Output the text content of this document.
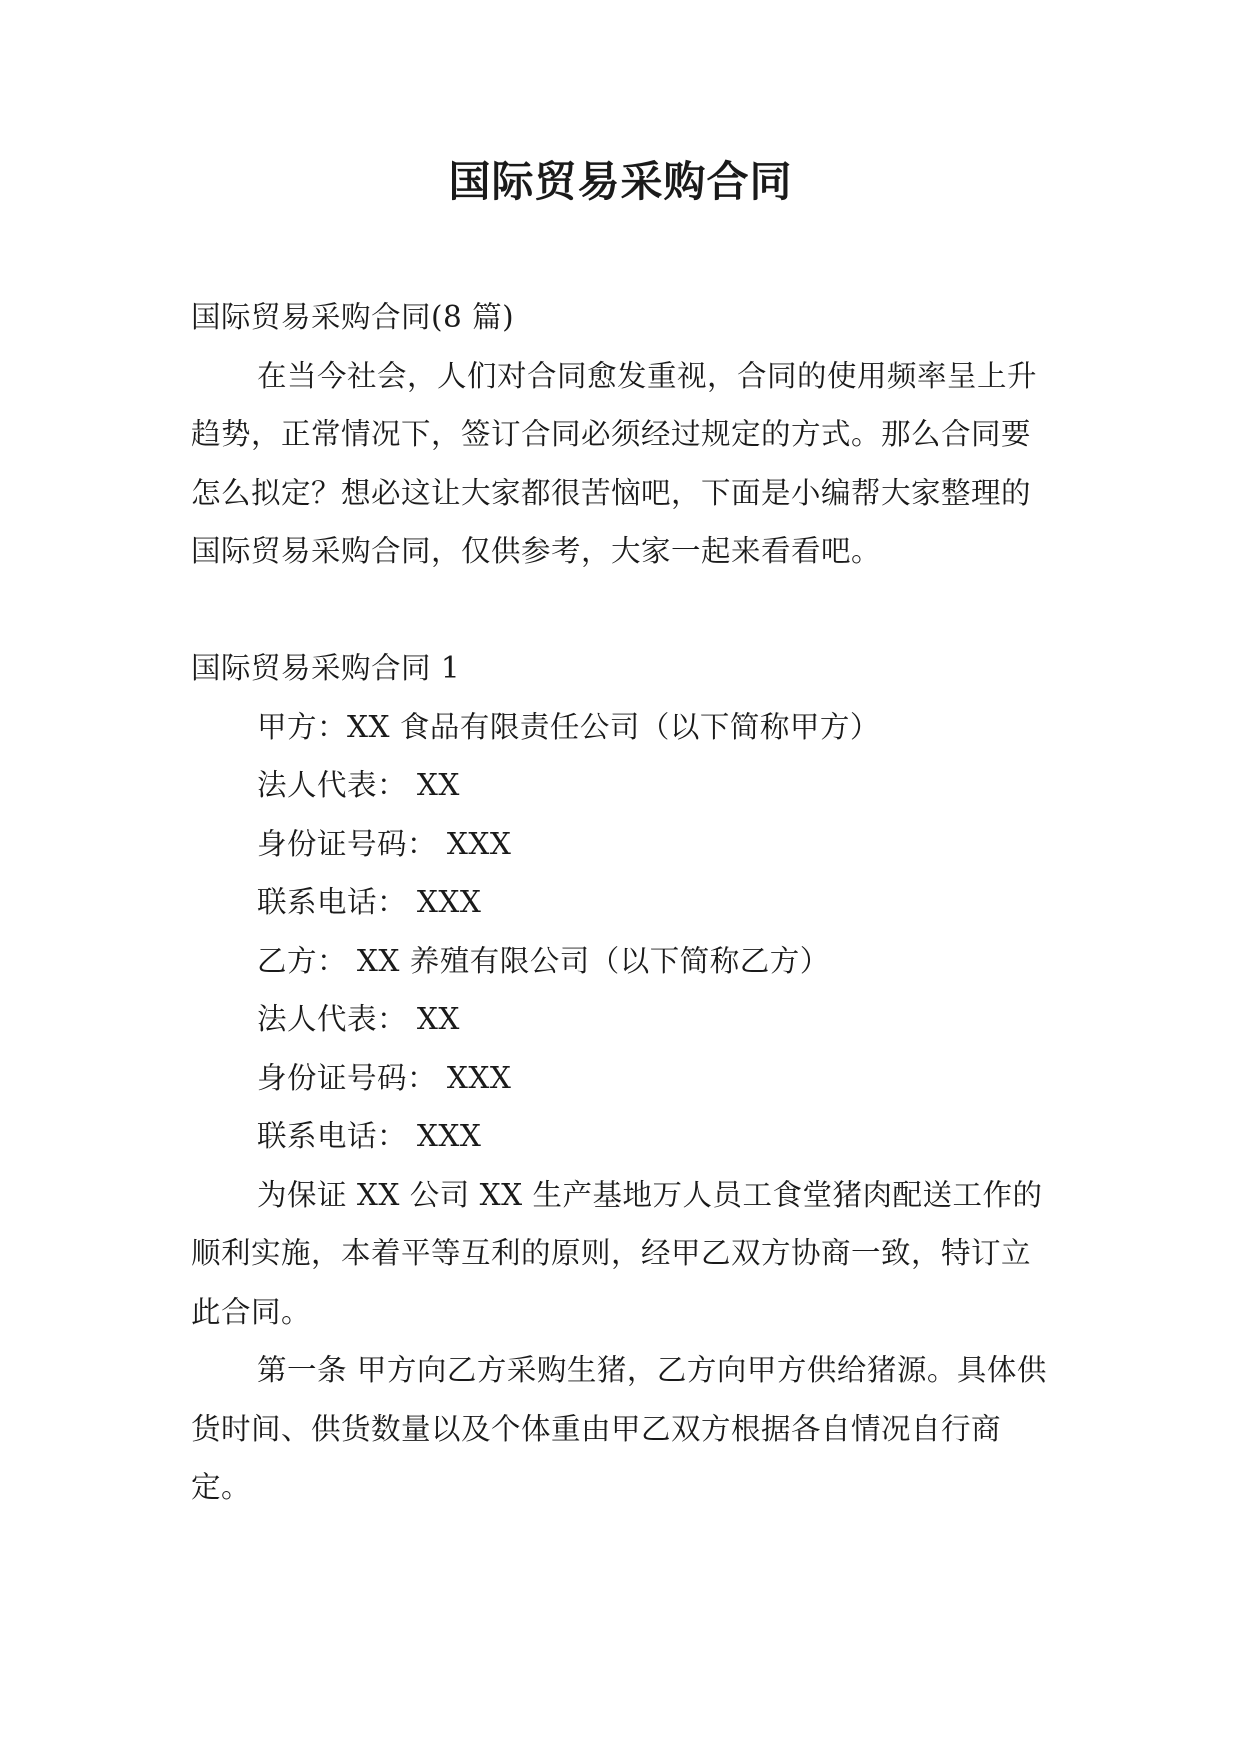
国际贸易采购合同

国际贸易采购合同(8 篇)

在当今社会，人们对合同愈发重视，合同的使用频率呈上升趋势，正常情况下，签订合同必须经过规定的方式。那么合同要怎么拟定？想必这让大家都很苦恼吧，下面是小编帮大家整理的国际贸易采购合同，仅供参考，大家一起来看看吧。

国际贸易采购合同 1

甲方：XX 食品有限责任公司（以下简称甲方）

法人代表： XX

身份证号码： XXX

联系电话： XXX

乙方： XX 养殖有限公司（以下简称乙方）

法人代表： XX

身份证号码： XXX

联系电话： XXX

为保证 XX 公司 XX 生产基地万人员工食堂猪肉配送工作的顺利实施，本着平等互利的原则，经甲乙双方协商一致，特订立此合同。

第一条 甲方向乙方采购生猪，乙方向甲方供给猪源。具体供货时间、供货数量以及个体重由甲乙双方根据各自情况自行商定。
